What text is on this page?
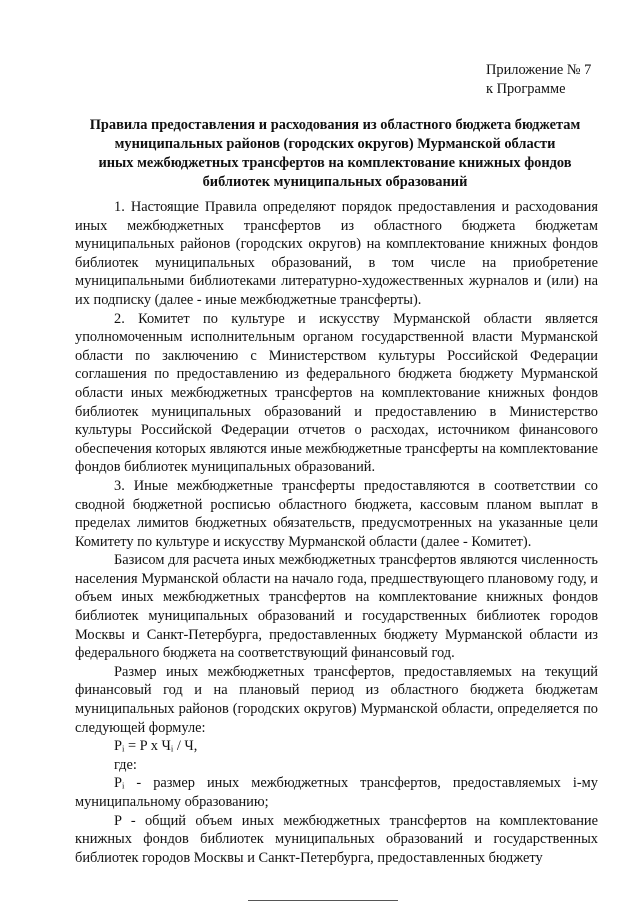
Приложение № 7
к Программе
Правила предоставления и расходования из областного бюджета бюджетам
муниципальных районов (городских округов) Мурманской области
иных межбюджетных трансфертов на комплектование книжных фондов
библиотек муниципальных образований

1. Настоящие Правила определяют порядок предоставления и расходования иных межбюджетных трансфертов из областного бюджета бюджетам муниципальных районов (городских округов) на комплектование книжных фондов библиотек муниципальных образований, в том числе на приобретение муниципальными библиотеками литературно-художественных журналов и (или) на их подписку (далее - иные межбюджетные трансферты).

2. Комитет по культуре и искусству Мурманской области является уполномоченным исполнительным органом государственной власти Мурманской области по заключению с Министерством культуры Российской Федерации соглашения по предоставлению из федерального бюджета бюджету Мурманской области иных межбюджетных трансфертов на комплектование книжных фондов библиотек муниципальных образований и предоставлению в Министерство культуры Российской Федерации отчетов о расходах, источником финансового обеспечения которых являются иные межбюджетные трансферты на комплектование фондов библиотек муниципальных образований.

3. Иные межбюджетные трансферты предоставляются в соответствии со сводной бюджетной росписью областного бюджета, кассовым планом выплат в пределах лимитов бюджетных обязательств, предусмотренных на указанные цели Комитету по культуре и искусству Мурманской области (далее - Комитет).

Базисом для расчета иных межбюджетных трансфертов являются численность населения Мурманской области на начало года, предшествующего плановому году, и объем иных межбюджетных трансфертов на комплектование книжных фондов библиотек муниципальных образований и государственных библиотек городов Москвы и Санкт-Петербурга, предоставленных бюджету Мурманской области из федерального бюджета на соответствующий финансовый год.

Размер иных межбюджетных трансфертов, предоставляемых на текущий финансовый год и на плановый период из областного бюджета бюджетам муниципальных районов (городских округов) Мурманской области, определяется по следующей формуле:

Pᵢ = P x Чᵢ / Ч,

где:

Pᵢ - размер иных межбюджетных трансфертов, предоставляемых i-му муниципальному образованию;

P - общий объем иных межбюджетных трансфертов на комплектование книжных фондов библиотек муниципальных образований и государственных библиотек городов Москвы и Санкт-Петербурга, предоставленных бюджету
